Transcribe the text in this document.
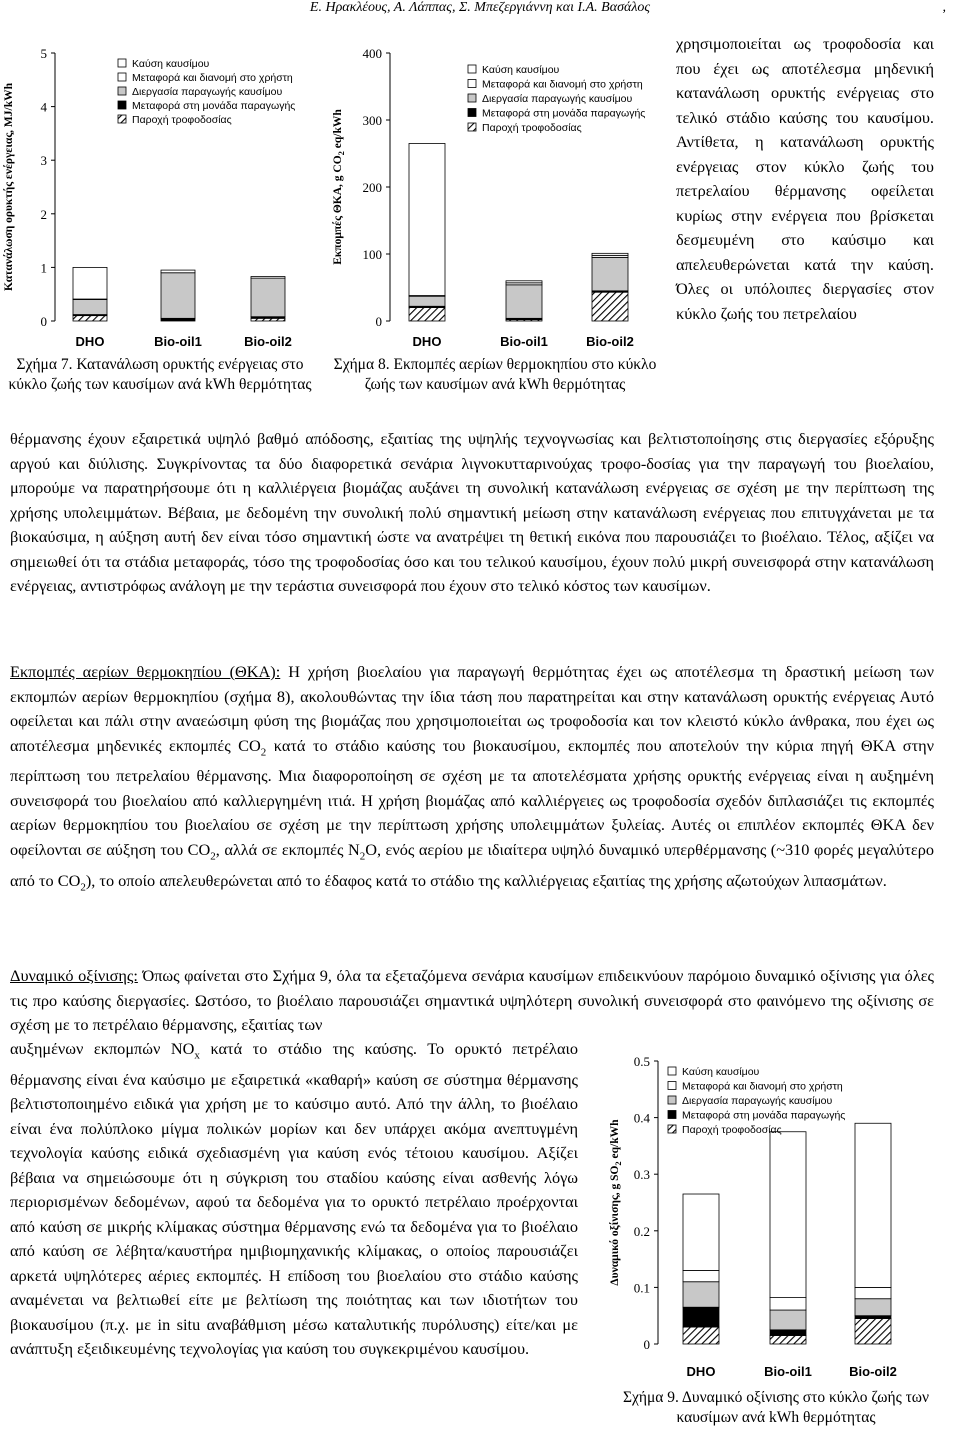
Ε. Ηρακλέους, Α. Λάππας, Σ. Μπεζεργιάννη και Ι.Α. Βασάλος	,
Κατανάλωση ορυκτής ενέργειας, MJ/kWh
0
1
2
3
4
5
DHO	Bio-oil1	Bio-oil2
Καύση καυσίμου
Μεταφορά και διανομή στο χρήστη
Διεργασία παραγωγής καυσίμου
Μεταφορά στη μονάδα παραγωγής
Παροχή τροφοδοσίας
Σχήμα 7. Κατανάλωση ορυκτής ενέργειας στο κύκλο ζωής των καυσίμων ανά kWh θερμότητας
Εκπομπές ΘΚΑ, g $CO_2$ eq/kWh
0
100
200
300
400
DHO	Bio-oil1	Bio-oil2
Καύση καυσίμου
Μεταφορά και διανομή στο χρήστη
Διεργασία παραγωγής καυσίμου
Μεταφορά στη μονάδα παραγωγής
Παροχή τροφοδοσίας
Σχήμα 8. Εκπομπές αερίων θερμοκηπίου στο κύκλο ζωής των καυσίμων ανά kWh θερμότητας
χρησιμοποιείται ως τροφοδοσία και που έχει ως αποτέλεσμα μηδενική κατανάλωση ορυκτής ενέργειας στο τελικό στάδιο καύσης του καυσίμου. Αντίθετα, η κατανάλωση ορυκτής ενέργειας στον κύκλο ζωής του πετρελαίου θέρμανσης οφείλεται κυρίως στην ενέργεια που βρίσκεται δεσμευμένη στο καύσιμο και απελευθερώνεται κατά την καύση. Όλες οι υπόλοιπες διεργασίες στον κύκλο ζωής του πετρελαίου
θέρμανσης έχουν εξαιρετικά υψηλό βαθμό απόδοσης, εξαιτίας της υψηλής τεχνογνωσίας και βελτιστοποίησης στις διεργασίες εξόρυξης αργού και διύλισης. Συγκρίνοντας τα δύο διαφορετικά σενάρια λιγνοκυτταρινούχας τροφο-δοσίας για την παραγωγή του βιοελαίου, μπορούμε να παρατηρήσουμε ότι η καλλιέργεια βιομάζας αυξάνει τη συνολική κατανάλωση ενέργειας σε σχέση με την περίπτωση της χρήσης υπολειμμάτων. Βέβαια, με δεδομένη την συνολική πολύ σημαντική μείωση στην κατανάλωση ενέργειας που επιτυγχάνεται με τα βιοκαύσιμα, η αύξηση αυτή δεν είναι τόσο σημαντική ώστε να ανατρέψει τη θετική εικόνα που παρουσιάζει το βιοέλαιο. Τέλος, αξίζει να σημειωθεί ότι τα στάδια μεταφοράς, τόσο της τροφοδοσίας όσο και του τελικού καυσίμου, έχουν πολύ μικρή συνεισφορά στην κατανάλωση ενέργειας, αντιστρόφως ανάλογη με την τεράστια συνεισφορά που έχουν στο τελικό κόστος των καυσίμων.
Εκπομπές αερίων θερμοκηπίου (ΘΚΑ): Η χρήση βιοελαίου για παραγωγή θερμότητας έχει ως αποτέλεσμα τη δραστική μείωση των εκπομπών αερίων θερμοκηπίου (σχήμα 8), ακολουθώντας την ίδια τάση που παρατηρείται και στην κατανάλωση ορυκτής ενέργειας Αυτό οφείλεται και πάλι στην αναεώσιμη φύση της βιομάζας που χρησιμοποιείται ως τροφοδοσία και τον κλειστό κύκλο άνθρακα, που έχει ως αποτέλεσμα μηδενικές εκπομπές $CO_2$ κατά το στάδιο καύσης του βιοκαυσίμου, εκπομπές που αποτελούν την κύρια πηγή ΘΚΑ στην περίπτωση του πετρελαίου θέρμανσης. Μια διαφοροποίηση σε σχέση με τα αποτελέσματα χρήσης ορυκτής ενέργειας είναι η αυξημένη συνεισφορά του βιοελαίου από καλλιεργημένη ιτιά. Η χρήση βιομάζας από καλλιέργειες ως τροφοδοσία σχεδόν διπλασιάζει τις εκπομπές αερίων θερμοκηπίου του βιοελαίου σε σχέση με την περίπτωση χρήσης υπολειμμάτων ξυλείας. Αυτές οι επιπλέον εκπομπές ΘΚΑ δεν οφείλονται σε αύξηση του $CO_2$, αλλά σε εκπομπές $N_2O$, ενός αερίου με ιδιαίτερα υψηλό δυναμικό υπερθέρμανσης (~310 φορές μεγαλύτερο από το $CO_2$), το οποίο απελευθερώνεται από το έδαφος κατά το στάδιο της καλλιέργειας εξαιτίας της χρήσης αζωτούχων λιπασμάτων.
Δυναμικό οξίνισης: Όπως φαίνεται στο Σχήμα 9, όλα τα εξεταζόμενα σενάρια καυσίμων επιδεικνύουν παρόμοιο δυναμικό οξίνισης για όλες τις προ καύσης διεργασίες. Ωστόσο, το βιοέλαιο παρουσιάζει σημαντικά υψηλότερη συνολική συνεισφορά στο φαινόμενο της οξίνισης σε σχέση με το πετρέλαιο θέρμανσης, εξαιτίας των
αυξημένων εκπομπών $NO_x$ κατά το στάδιο της καύσης. Το ορυκτό πετρέλαιο θέρμανσης είναι ένα καύσιμο με εξαιρετικά «καθαρή» καύση σε σύστημα θέρμανσης βελτιστοποιημένο ειδικά για χρήση με το καύσιμο αυτό. Από την άλλη, το βιοέλαιο είναι ένα πολύπλοκο μίγμα πολικών μορίων και δεν υπάρχει ακόμα ανεπτυγμένη τεχνολογία καύσης ειδικά σχεδιασμένη για καύση ενός τέτοιου καυσίμου. Αξίζει βέβαια να σημειώσουμε ότι η σύγκριση του σταδίου καύσης είναι ασθενής λόγω περιορισμένων δεδομένων, αφού τα δεδομένα για το ορυκτό πετρέλαιο προέρχονται από καύση σε μικρής κλίμακας σύστημα θέρμανσης ενώ τα δεδομένα για το βιοέλαιο από καύση σε λέβητα/καυστήρα ημιβιομηχανικής κλίμακας, ο οποίος παρουσιάζει αρκετά υψηλότερες αέριες εκπομπές. Η επίδοση του βιοελαίου στο στάδιο καύσης αναμένεται να βελτιωθεί είτε με βελτίωση της ποιότητας και των ιδιοτήτων του βιοκαυσίμου (π.χ. με in situ αναβάθμιση μέσω καταλυτικής πυρόλυσης) είτε/και με ανάπτυξη εξειδικευμένης τεχνολογίας για καύση του συγκεκριμένου καυσίμου.
Δυναμικό οξίνισης, g $SO_2$ eq/kWh
0
0.1
0.2
0.3
0.4
0.5
DHO	Bio-oil1	Bio-oil2
Καύση καυσίμου
Μεταφορά και διανομή στο χρήστη
Διεργασία παραγωγής καυσίμου
Μεταφορά στη μονάδα παραγωγής
Παροχή τροφοδοσίας
Σχήμα 9. Δυναμικό οξίνισης στο κύκλο ζωής των καυσίμων ανά kWh θερμότητας
